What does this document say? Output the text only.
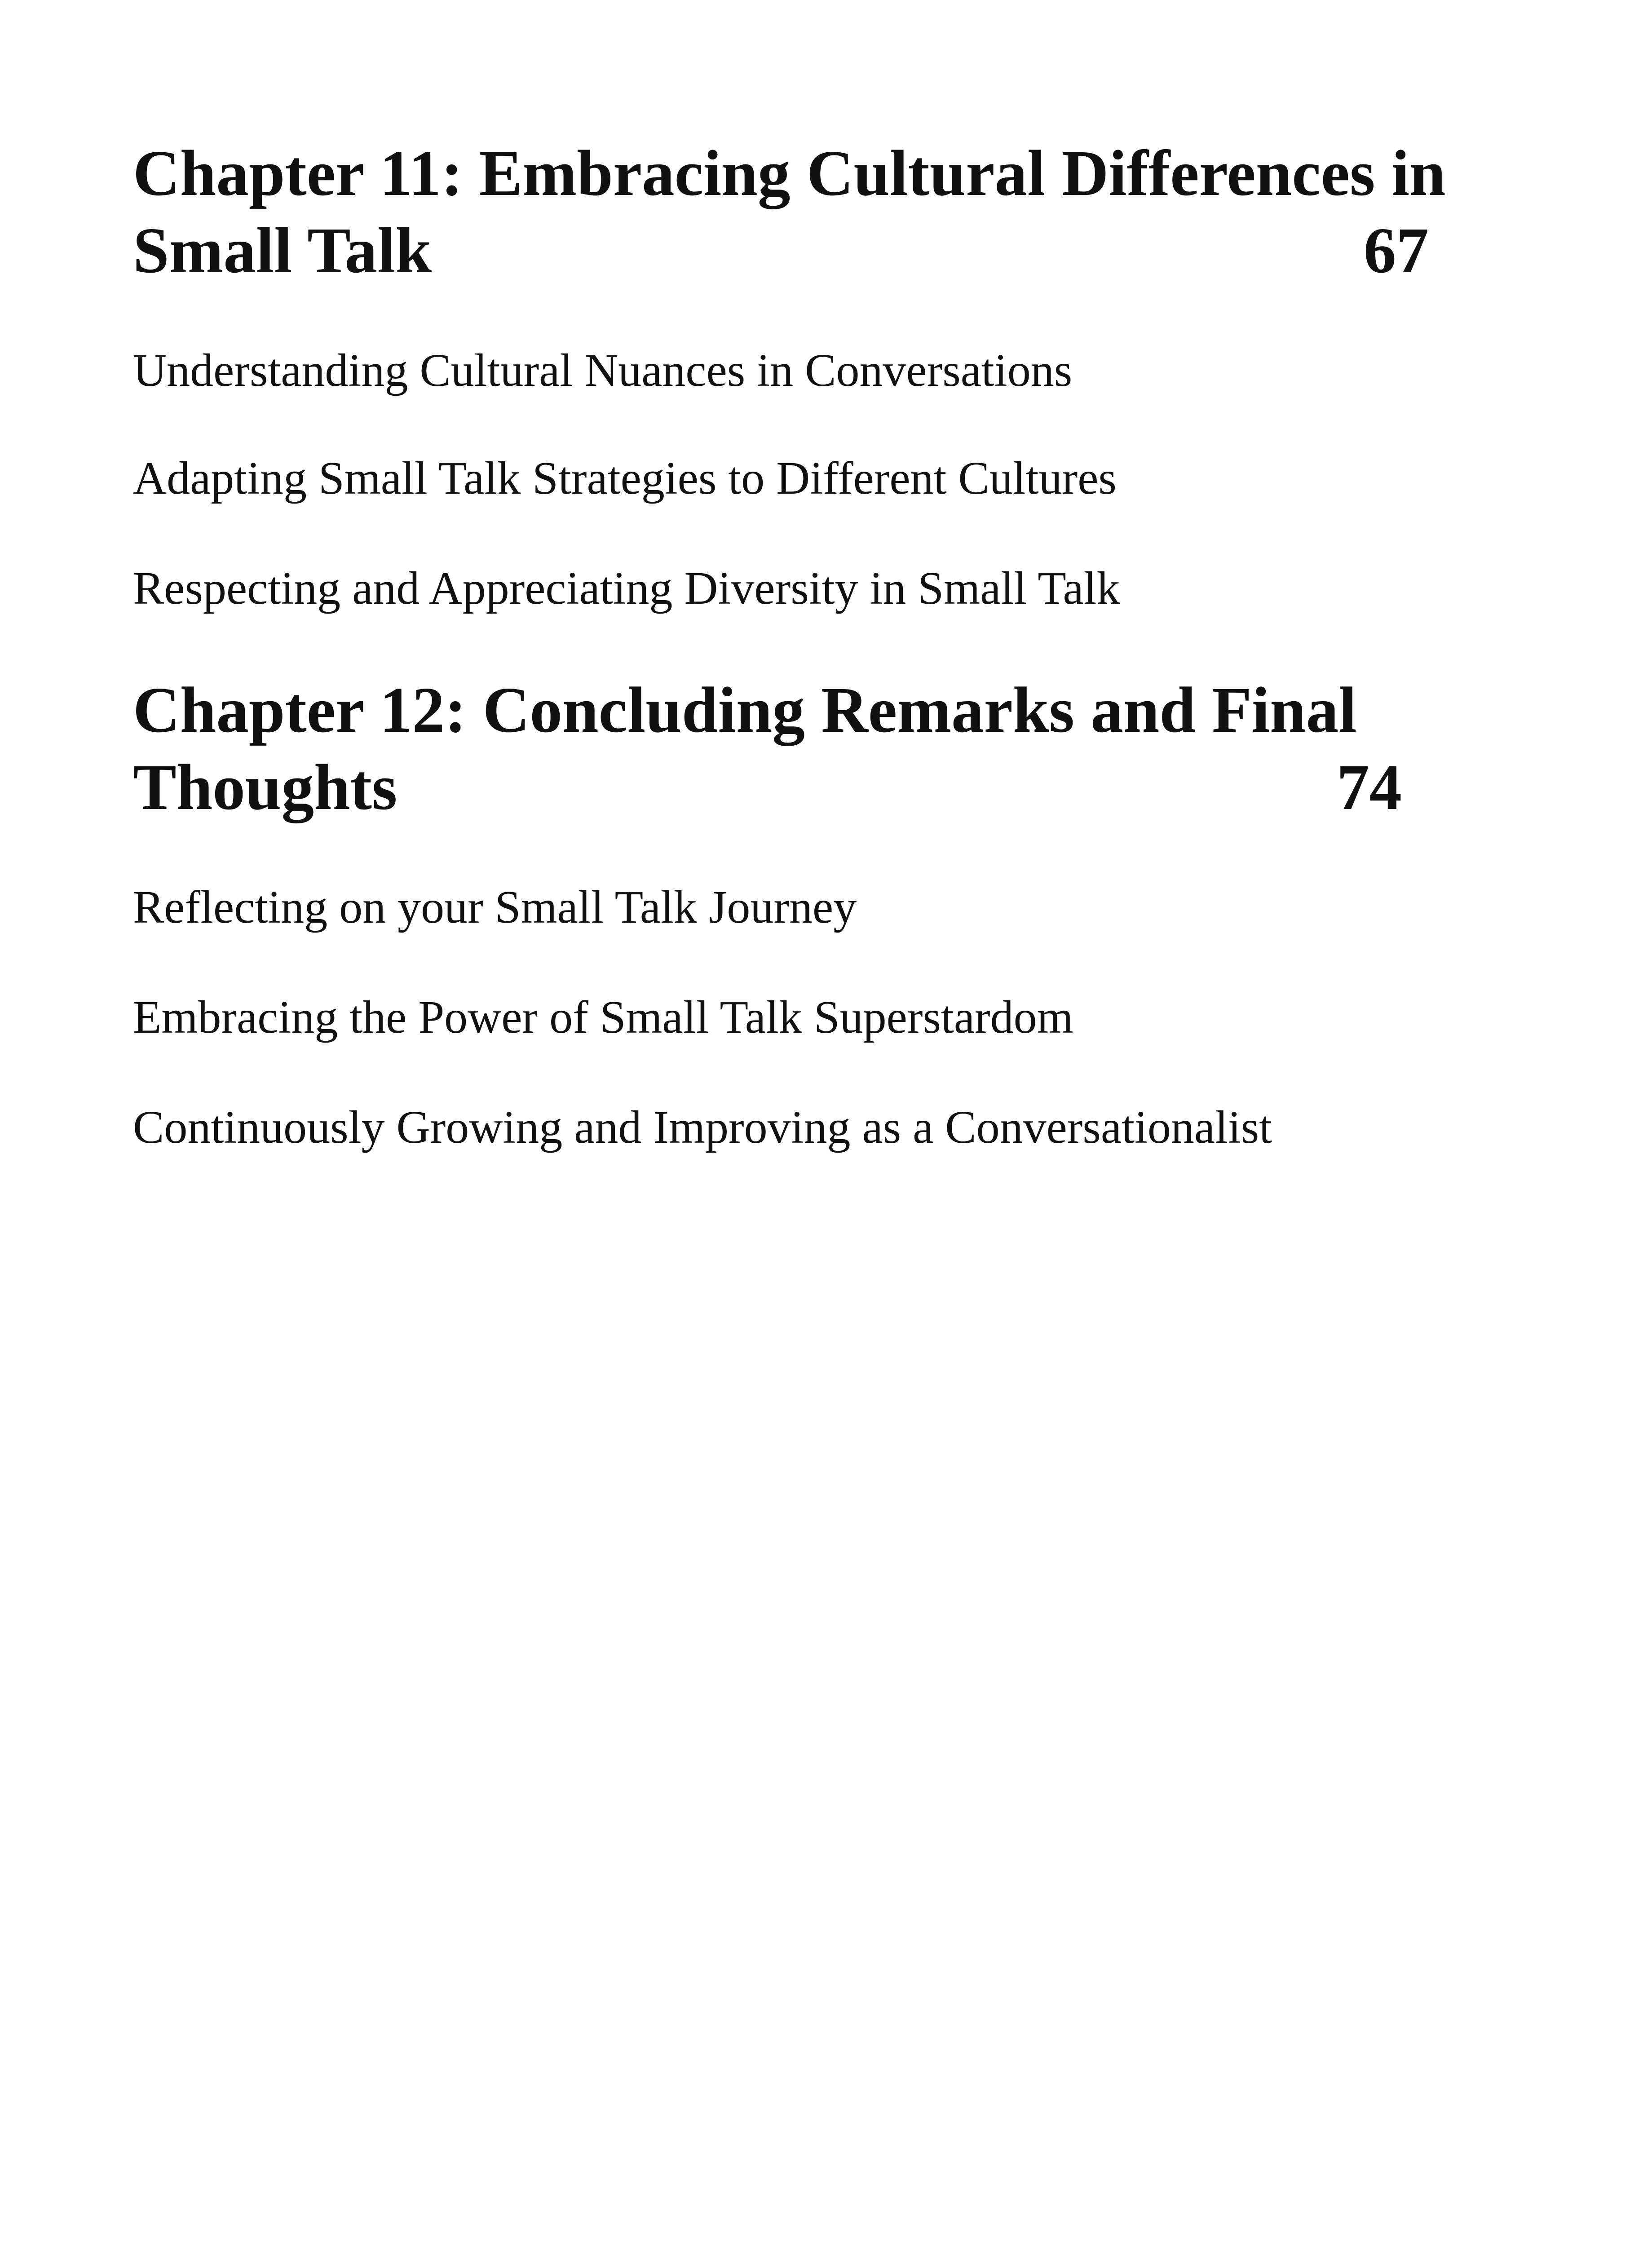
Chapter 11: Embracing Cultural Differences in
Small Talk	67

Understanding Cultural Nuances in Conversations

Adapting Small Talk Strategies to Different Cultures

Respecting and Appreciating Diversity in Small Talk

Chapter 12: Concluding Remarks and Final
Thoughts	74

Reflecting on your Small Talk Journey

Embracing the Power of Small Talk Superstardom

Continuously Growing and Improving as a Conversationalist
